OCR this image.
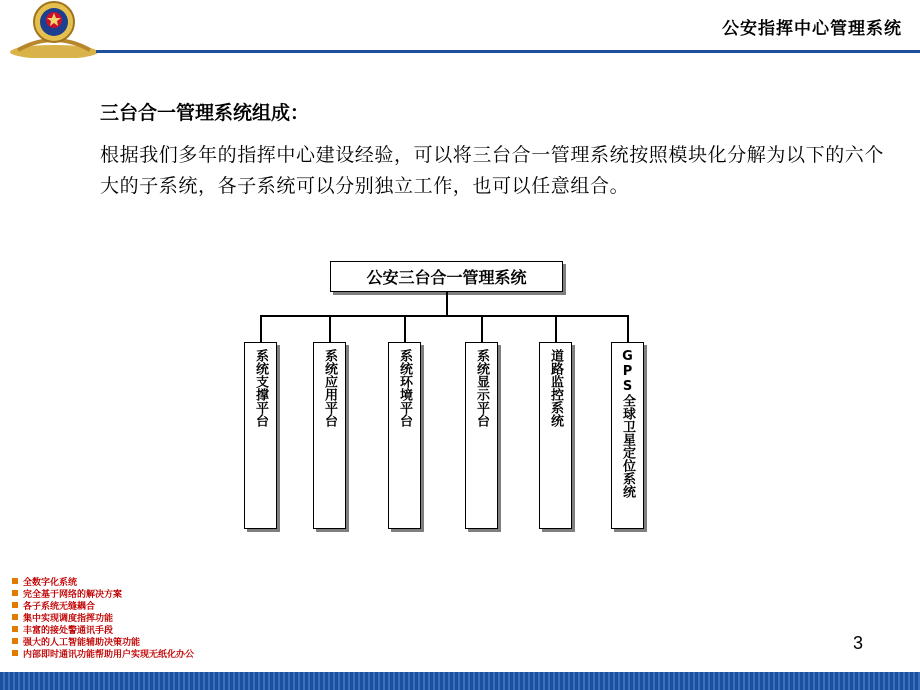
公安指挥中心管理系统
三台合一管理系统组成：
根据我们多年的指挥中心建设经验，可以将三台合一管理系统按照模块化分解为以下的六个大的子系统，各子系统可以分别独立工作，也可以任意组合。
公安三台合一管理系统
系统支撑平台	系统应用平台	系统环境平台	系统显示平台	道路监控系统	GPS全球卫星定位系统
全数字化系统
完全基于网络的解决方案
各子系统无缝耦合
集中实现调度指挥功能
丰富的接处警通讯手段
强大的人工智能辅助决策功能
内部即时通讯功能帮助用户实现无纸化办公
3
